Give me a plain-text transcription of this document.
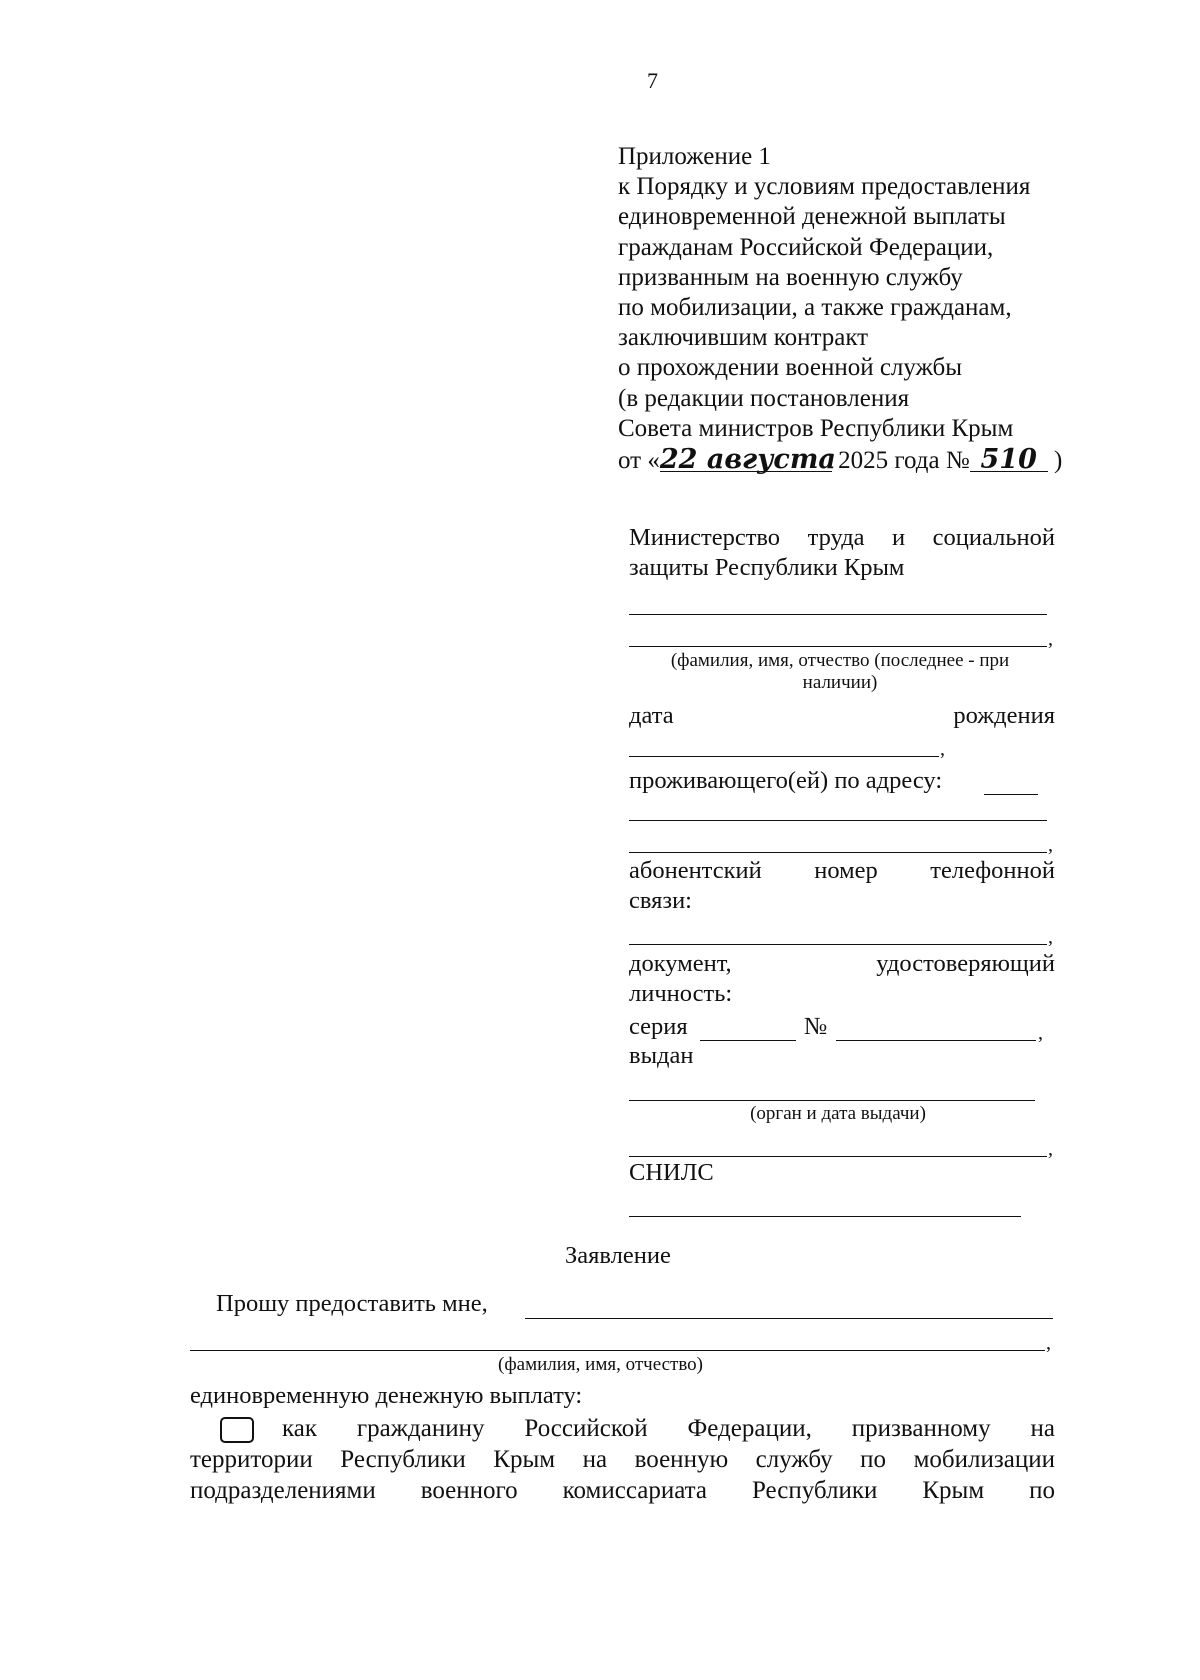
7
Приложение 1
к Порядку и условиям предоставления
единовременной денежной выплаты
гражданам Российской Федерации,
призванным на военную службу
по мобилизации, а также гражданам,
заключившим контракт
о прохождении военной службы
(в редакции постановления
Совета министров Республики Крым
от «22 августа 2025 года № 510 )
Министерство труда и социальной
защиты Республики Крым
,
(фамилия, имя, отчество (последнее - при
наличии)
дата	рождения
,
проживающего(ей) по адресу:
,
абонентский номер телефонной
связи:
,
документ,	удостоверяющий
личность:
серия	№	,
выдан
(орган и дата выдачи)
,
СНИЛС
Заявление
Прошу предоставить мне,
,
(фамилия, имя, отчество)
единовременную денежную выплату:
как гражданину Российской Федерации, призванному на
территории Республики Крым на военную службу по мобилизации
подразделениями военного комиссариата Республики Крым по
